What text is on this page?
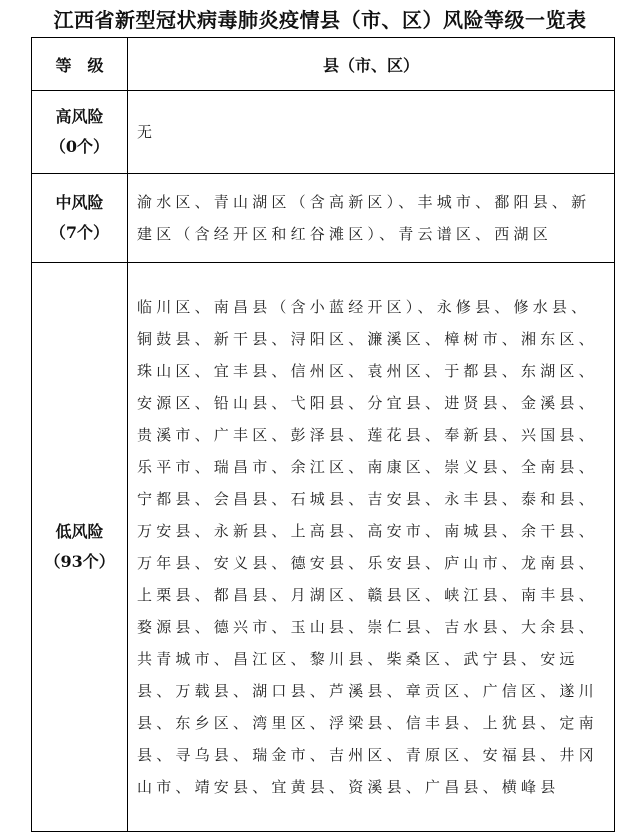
江西省新型冠状病毒肺炎疫情县（市、区）风险等级一览表
等　级	县（市、区）

高风险
（0个）	无

中风险
（7个）	渝水区、青山湖区（含高新区）、丰城市、鄱阳县、新建区（含经开区和红谷滩区）、青云谱区、西湖区

低风险
（93个）	临川区、南昌县（含小蓝经开区）、永修县、修水县、铜鼓县、新干县、浔阳区、濂溪区、樟树市、湘东区、珠山区、宜丰县、信州区、袁州区、于都县、东湖区、安源区、铅山县、弋阳县、分宜县、进贤县、金溪县、贵溪市、广丰区、彭泽县、莲花县、奉新县、兴国县、乐平市、瑞昌市、余江区、南康区、崇义县、全南县、宁都县、会昌县、石城县、吉安县、永丰县、泰和县、万安县、永新县、上高县、高安市、南城县、余干县、万年县、安义县、德安县、乐安县、庐山市、龙南县、上栗县、都昌县、月湖区、赣县区、峡江县、南丰县、婺源县、德兴市、玉山县、崇仁县、吉水县、大余县、共青城市、昌江区、黎川县、柴桑区、武宁县、安远县、万载县、湖口县、芦溪县、章贡区、广信区、遂川县、东乡区、湾里区、浮梁县、信丰县、上犹县、定南县、寻乌县、瑞金市、吉州区、青原区、安福县、井冈山市、靖安县、宜黄县、资溪县、广昌县、横峰县
